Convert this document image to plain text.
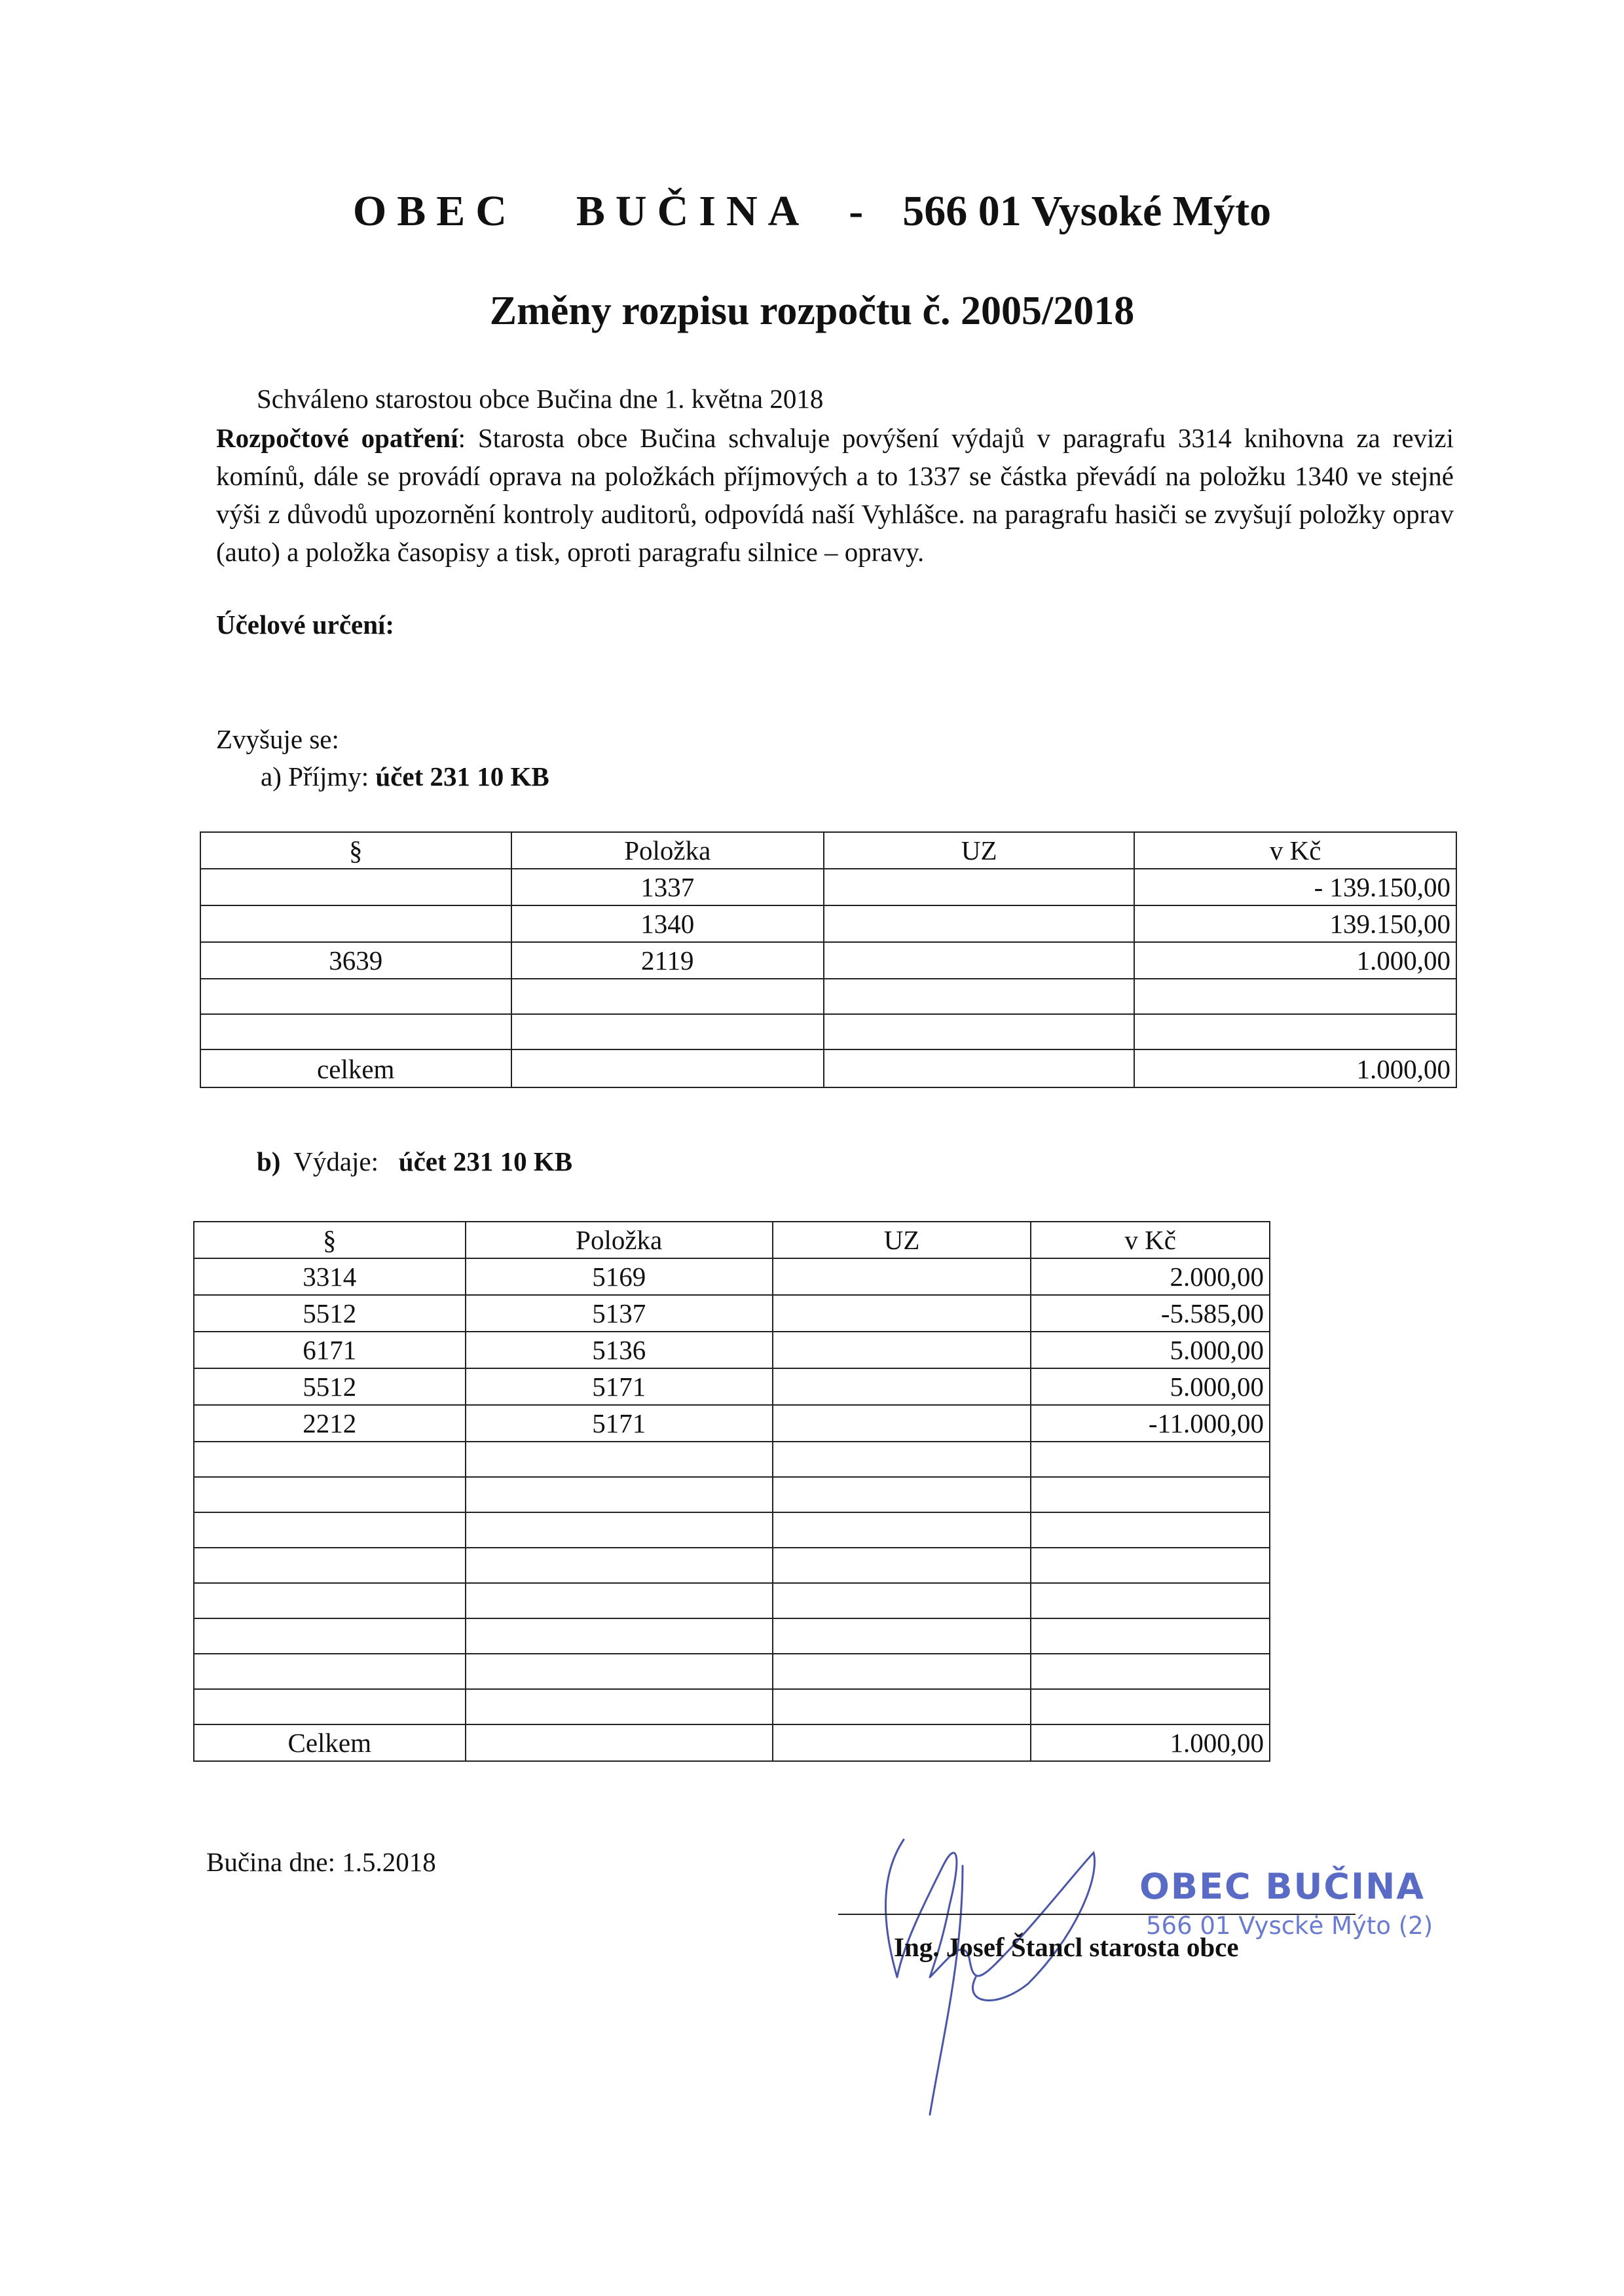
OBEC BUČINA - 566 01 Vysoké Mýto
Změny rozpisu rozpočtu č. 2005/2018
Schváleno starostou obce Bučina dne 1. května 2018
Rozpočtové opatření: Starosta obce Bučina schvaluje povýšení výdajů v paragrafu 3314 knihovna za revizi komínů, dále se provádí oprava na položkách příjmových a to 1337 se částka převádí na položku 1340 ve stejné výši z důvodů upozornění kontroly auditorů, odpovídá naší Vyhlášce. na paragrafu hasiči se zvyšují položky oprav (auto) a položka časopisy a tisk, oproti paragrafu silnice – opravy.
Účelové určení:
Zvyšuje se:
a) Příjmy: účet 231 10 KB
§	Položka	UZ	v Kč
	1337		- 139.150,00
	1340		139.150,00
3639	2119		1.000,00

celkem			1.000,00
b) Výdaje: účet 231 10 KB
§	Položka	UZ	v Kč
3314	5169		2.000,00
5512	5137		-5.585,00
6171	5136		5.000,00
5512	5171		5.000,00
2212	5171		-11.000,00

Celkem			1.000,00
Bučina dne: 1.5.2018
OBEC BUČINA
566 01 Vysckė Mýto (2)
Ing. Josef Štancl starosta obce
